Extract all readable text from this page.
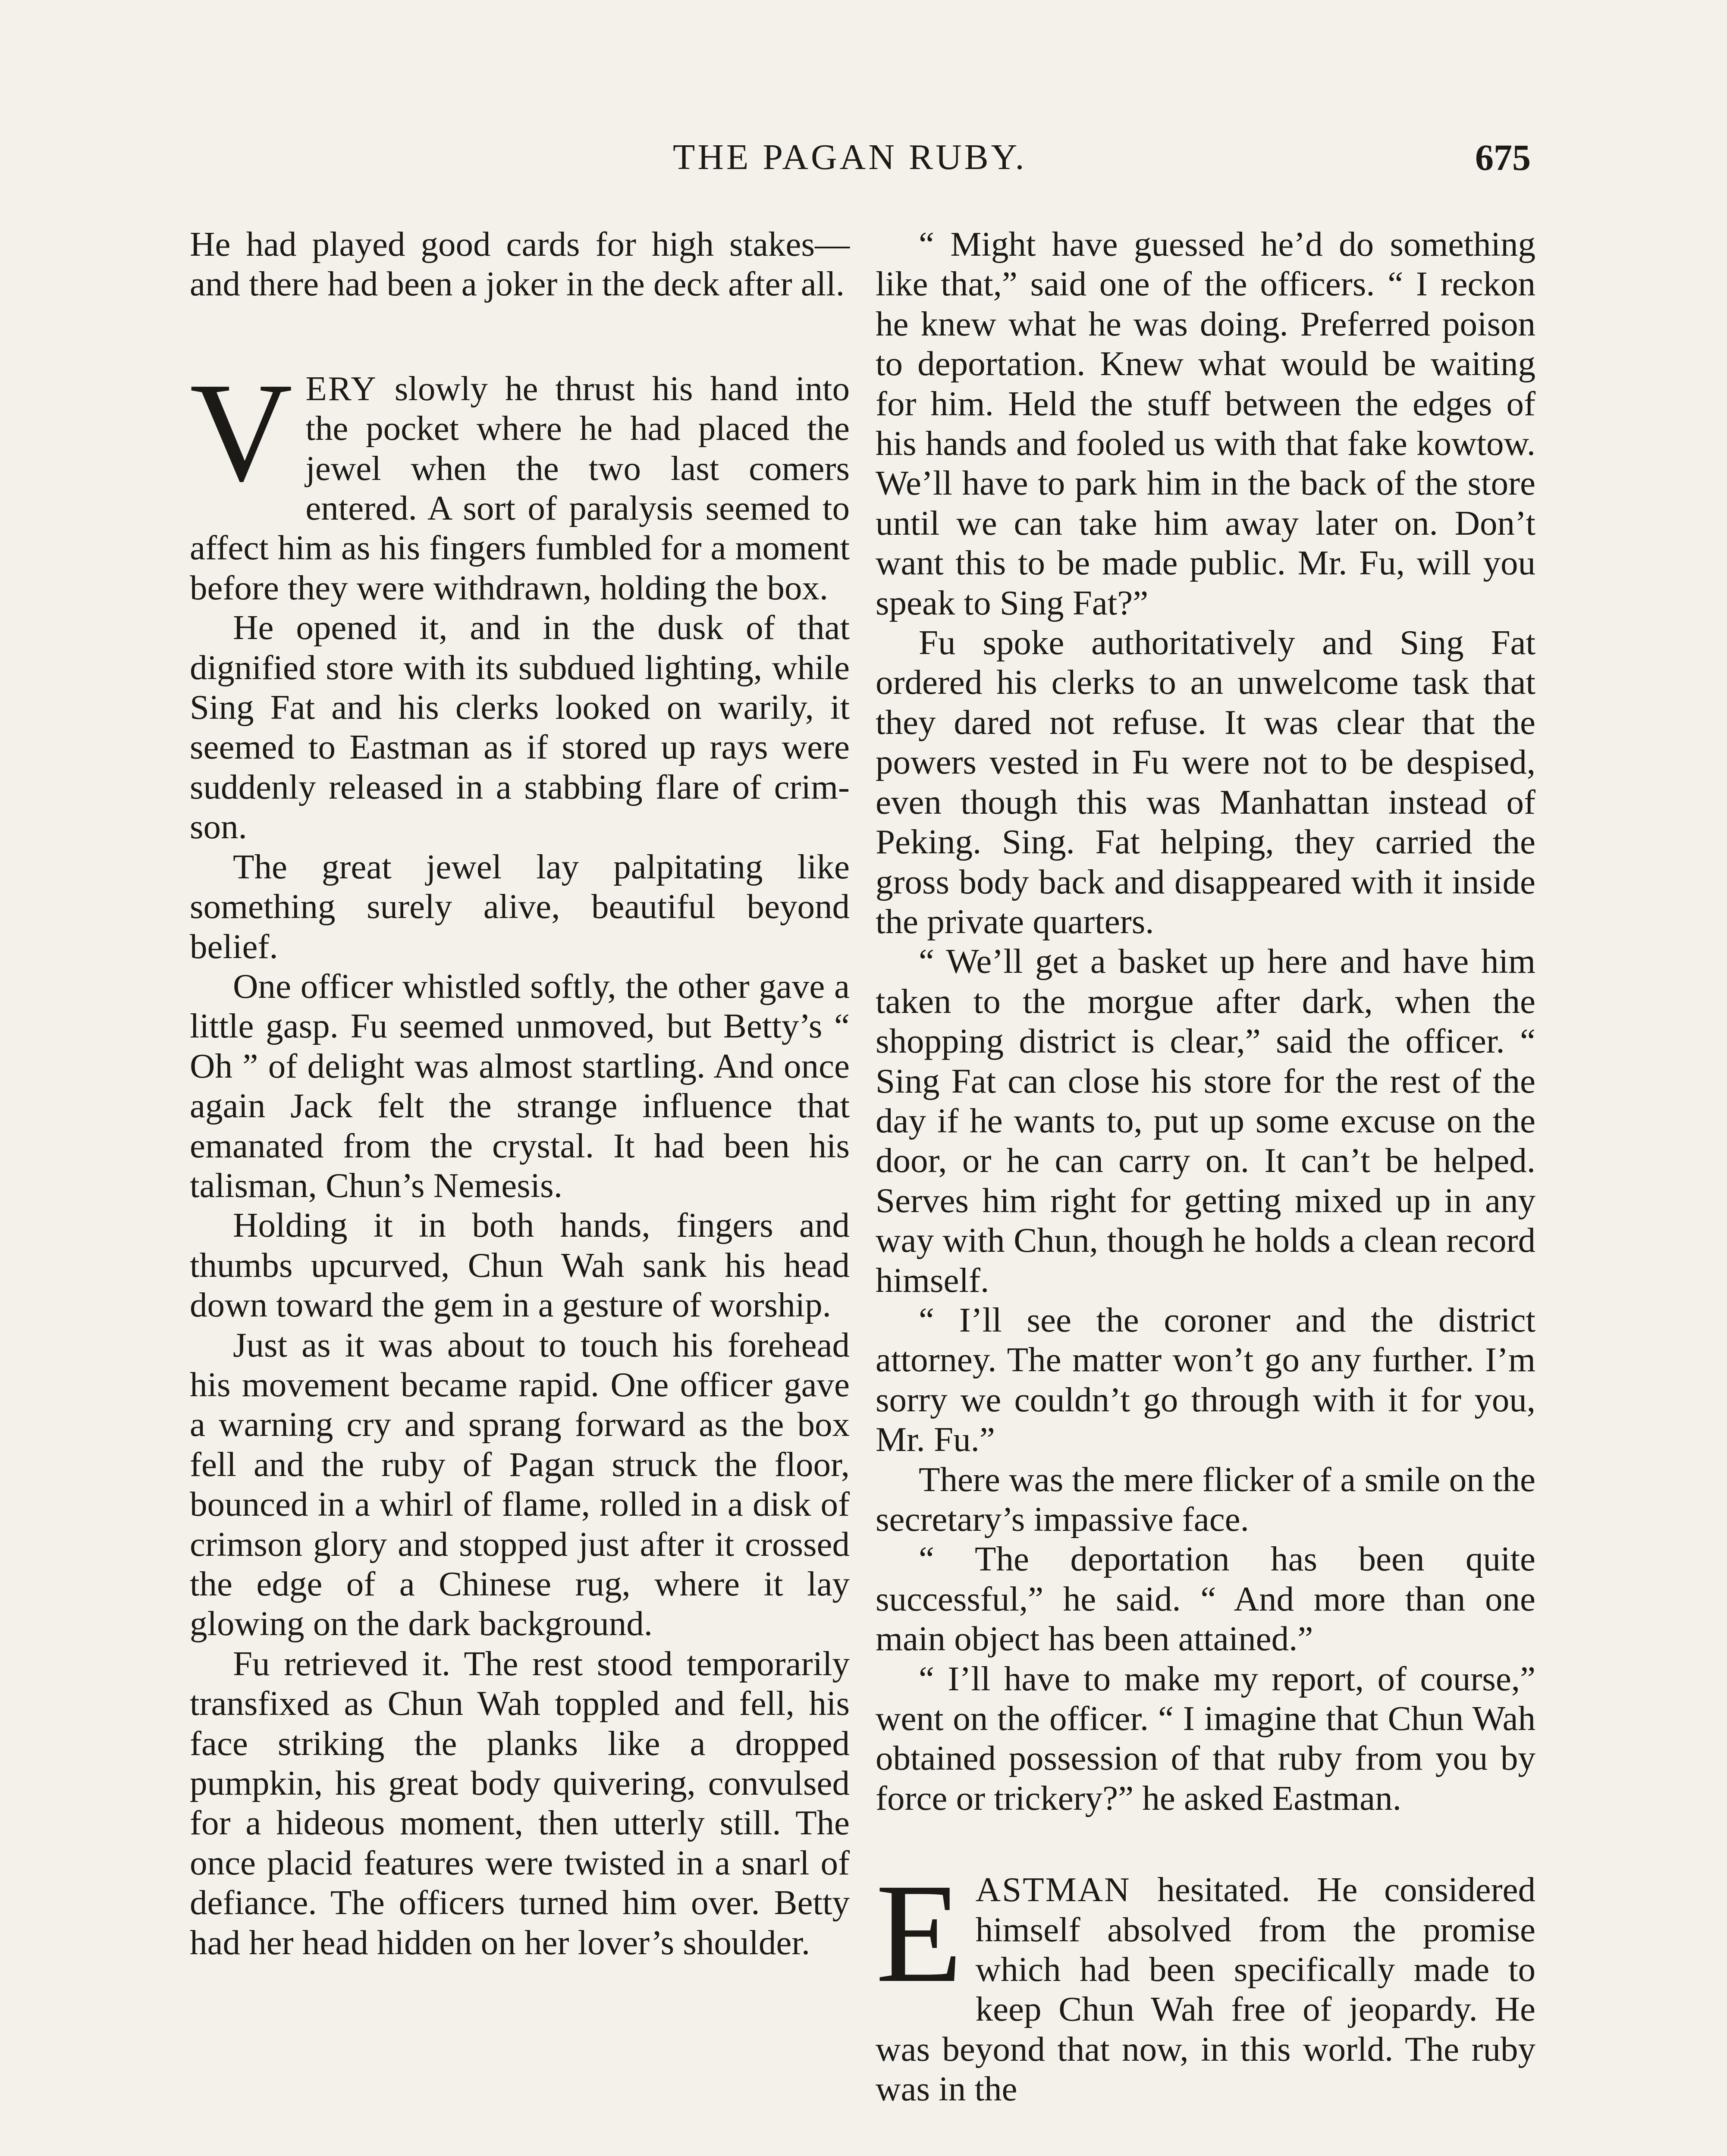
THE PAGAN RUBY.	675

He had played good cards for high stakes—and there had been a joker in the deck after all.

VERY slowly he thrust his hand into the pocket where he had placed the jewel when the two last comers entered. A sort of paralysis seemed to affect him as his fingers fumbled for a moment before they were withdrawn, holding the box.

He opened it, and in the dusk of that dignified store with its subdued lighting, while Sing Fat and his clerks looked on warily, it seemed to Eastman as if stored up rays were suddenly released in a stabbing flare of crimson.

The great jewel lay palpitating like something surely alive, beautiful beyond belief.

One officer whistled softly, the other gave a little gasp. Fu seemed unmoved, but Betty’s “ Oh ” of delight was almost startling. And once again Jack felt the strange influence that emanated from the crystal. It had been his talisman, Chun’s Nemesis.

Holding it in both hands, fingers and thumbs upcurved, Chun Wah sank his head down toward the gem in a gesture of worship.

Just as it was about to touch his forehead his movement became rapid. One officer gave a warning cry and sprang forward as the box fell and the ruby of Pagan struck the floor, bounced in a whirl of flame, rolled in a disk of crimson glory and stopped just after it crossed the edge of a Chinese rug, where it lay glowing on the dark background.

Fu retrieved it. The rest stood temporarily transfixed as Chun Wah toppled and fell, his face striking the planks like a dropped pumpkin, his great body quivering, convulsed for a hideous moment, then utterly still. The once placid features were twisted in a snarl of defiance. The officers turned him over. Betty had her head hidden on her lover’s shoulder.

“ Might have guessed he’d do something like that,” said one of the officers. “ I reckon he knew what he was doing. Preferred poison to deportation. Knew what would be waiting for him. Held the stuff between the edges of his hands and fooled us with that fake kowtow. We’ll have to park him in the back of the store until we can take him away later on. Don’t want this to be made public. Mr. Fu, will you speak to Sing Fat?”

Fu spoke authoritatively and Sing Fat ordered his clerks to an unwelcome task that they dared not refuse. It was clear that the powers vested in Fu were not to be despised, even though this was Manhattan instead of Peking. Sing. Fat helping, they carried the gross body back and disappeared with it inside the private quarters.

“ We’ll get a basket up here and have him taken to the morgue after dark, when the shopping district is clear,” said the officer. “ Sing Fat can close his store for the rest of the day if he wants to, put up some excuse on the door, or he can carry on. It can’t be helped. Serves him right for getting mixed up in any way with Chun, though he holds a clean record himself.

“ I’ll see the coroner and the district attorney. The matter won’t go any further. I’m sorry we couldn’t go through with it for you, Mr. Fu.”

There was the mere flicker of a smile on the secretary’s impassive face.

“ The deportation has been quite successful,” he said. “ And more than one main object has been attained.”

“ I’ll have to make my report, of course,” went on the officer. “ I imagine that Chun Wah obtained possession of that ruby from you by force or trickery?” he asked Eastman.

EASTMAN hesitated. He considered himself absolved from the promise which had been specifically made to keep Chun Wah free of jeopardy. He was beyond that now, in this world. The ruby was in the
